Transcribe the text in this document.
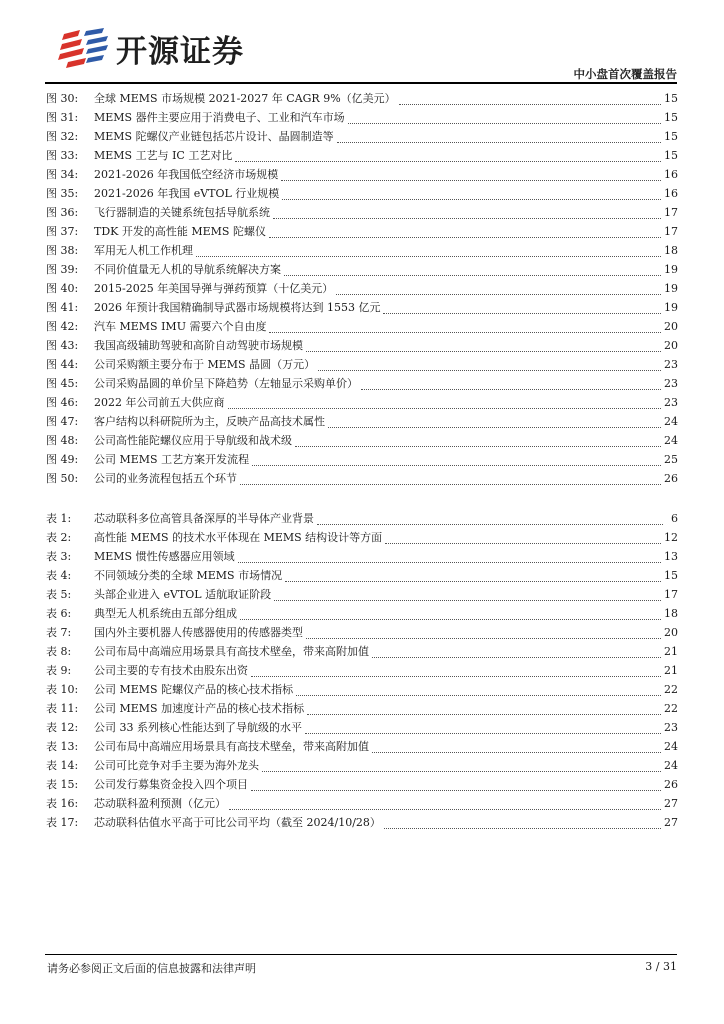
开源证券
中小盘首次覆盖报告
图 30:	全球 MEMS 市场规模 2021-2027 年 CAGR 9%（亿美元）	15
图 31:	MEMS 器件主要应用于消费电子、工业和汽车市场	15
图 32:	MEMS 陀螺仪产业链包括芯片设计、晶圆制造等	15
图 33:	MEMS 工艺与 IC 工艺对比	15
图 34:	2021-2026 年我国低空经济市场规模	16
图 35:	2021-2026 年我国 eVTOL 行业规模	16
图 36:	飞行器制造的关键系统包括导航系统	17
图 37:	TDK 开发的高性能 MEMS 陀螺仪	17
图 38:	军用无人机工作机理	18
图 39:	不同价值量无人机的导航系统解决方案	19
图 40:	2015-2025 年美国导弹与弹药预算（十亿美元）	19
图 41:	2026 年预计我国精确制导武器市场规模将达到 1553 亿元	19
图 42:	汽车 MEMS IMU 需要六个自由度	20
图 43:	我国高级辅助驾驶和高阶自动驾驶市场规模	20
图 44:	公司采购额主要分布于 MEMS 晶圆（万元）	23
图 45:	公司采购晶圆的单价呈下降趋势（左轴显示采购单价）	23
图 46:	2022 年公司前五大供应商	23
图 47:	客户结构以科研院所为主，反映产品高技术属性	24
图 48:	公司高性能陀螺仪应用于导航级和战术级	24
图 49:	公司 MEMS 工艺方案开发流程	25
图 50:	公司的业务流程包括五个环节	26
表 1:	芯动联科多位高管具备深厚的半导体产业背景	6
表 2:	高性能 MEMS 的技术水平体现在 MEMS 结构设计等方面	12
表 3:	MEMS 惯性传感器应用领域	13
表 4:	不同领域分类的全球 MEMS 市场情况	15
表 5:	头部企业进入 eVTOL 适航取证阶段	17
表 6:	典型无人机系统由五部分组成	18
表 7:	国内外主要机器人传感器使用的传感器类型	20
表 8:	公司布局中高端应用场景具有高技术壁垒，带来高附加值	21
表 9:	公司主要的专有技术由股东出资	21
表 10:	公司 MEMS 陀螺仪产品的核心技术指标	22
表 11:	公司 MEMS 加速度计产品的核心技术指标	22
表 12:	公司 33 系列核心性能达到了导航级的水平	23
表 13:	公司布局中高端应用场景具有高技术壁垒，带来高附加值	24
表 14:	公司可比竞争对手主要为海外龙头	24
表 15:	公司发行募集资金投入四个项目	26
表 16:	芯动联科盈利预测（亿元）	27
表 17:	芯动联科估值水平高于可比公司平均（截至 2024/10/28）	27
请务必参阅正文后面的信息披露和法律声明	3 / 31
